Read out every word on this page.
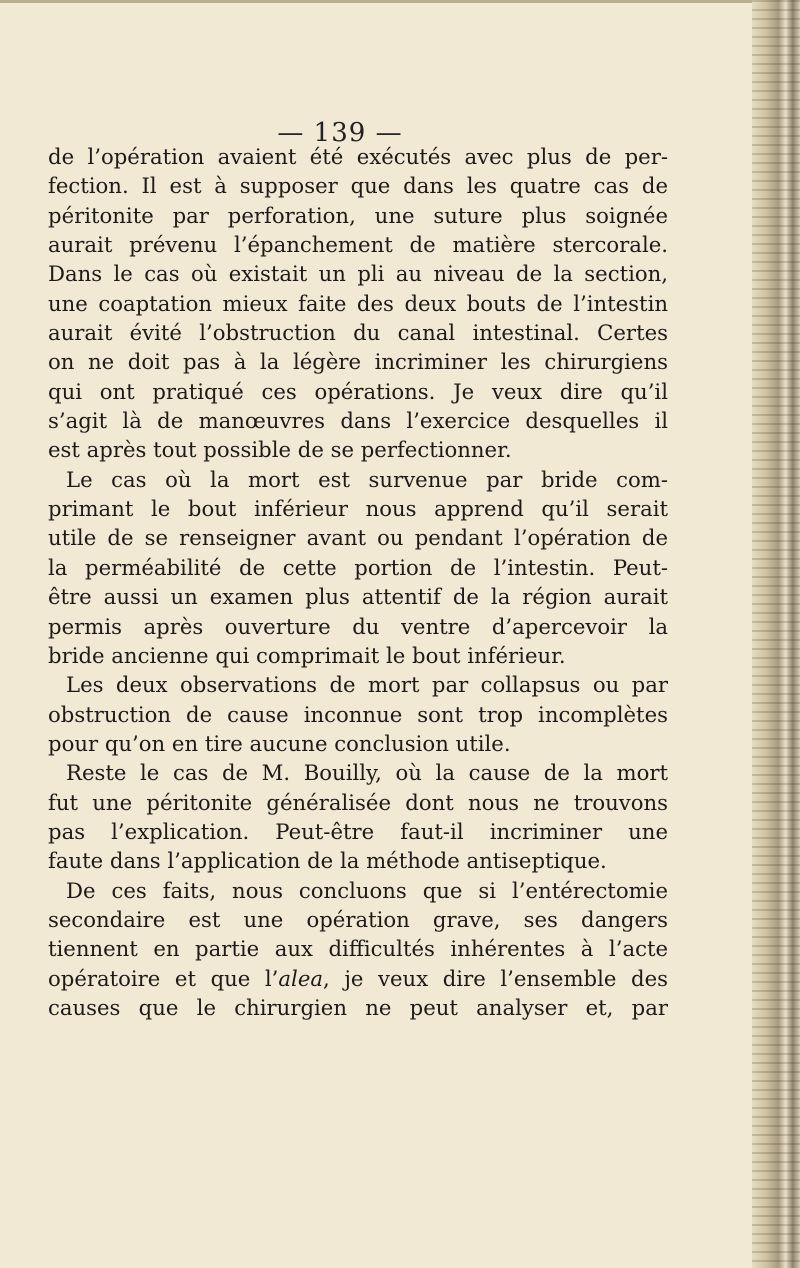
— 139 —
de l’opération avaient été exécutés avec plus de per-
fection. Il est à supposer que dans les quatre cas de
péritonite par perforation, une suture plus soignée
aurait prévenu l’épanchement de matière stercorale.
Dans le cas où existait un pli au niveau de la section,
une coaptation mieux faite des deux bouts de l’intestin
aurait évité l’obstruction du canal intestinal. Certes
on ne doit pas à la légère incriminer les chirurgiens
qui ont pratiqué ces opérations. Je veux dire qu’il
s’agit là de manœuvres dans l’exercice desquelles il
est après tout possible de se perfectionner.
Le cas où la mort est survenue par bride com-
primant le bout inférieur nous apprend qu’il serait
utile de se renseigner avant ou pendant l’opération de
la perméabilité de cette portion de l’intestin. Peut-
être aussi un examen plus attentif de la région aurait
permis après ouverture du ventre d’apercevoir la
bride ancienne qui comprimait le bout inférieur.
Les deux observations de mort par collapsus ou par
obstruction de cause inconnue sont trop incomplètes
pour qu’on en tire aucune conclusion utile.
Reste le cas de M. Bouilly, où la cause de la mort
fut une péritonite généralisée dont nous ne trouvons
pas l’explication. Peut-être faut-il incriminer une
faute dans l’application de la méthode antiseptique.
De ces faits, nous concluons que si l’entérectomie
secondaire est une opération grave, ses dangers
tiennent en partie aux difficultés inhérentes à l’acte
opératoire et que l’alea, je veux dire l’ensemble des
causes que le chirurgien ne peut analyser et, par
